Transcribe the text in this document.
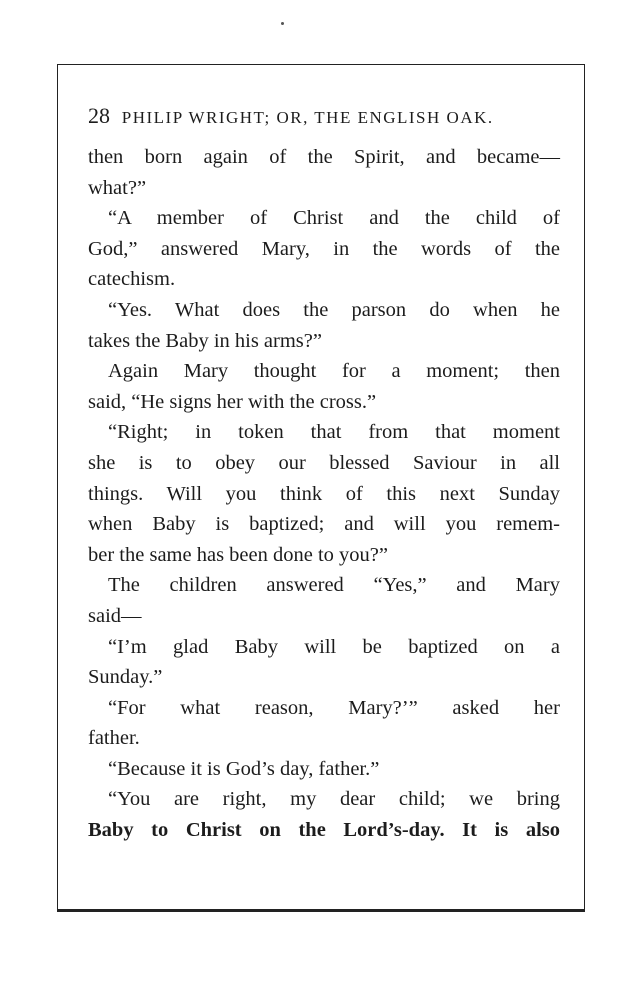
28 PHILIP WRIGHT; OR, THE ENGLISH OAK.
then born again of the Spirit, and became—
what?”
“A member of Christ and the child of
God,” answered Mary, in the words of the
catechism.
“Yes. What does the parson do when he
takes the Baby in his arms?”
Again Mary thought for a moment; then
said, “He signs her with the cross.”
“Right; in token that from that moment
she is to obey our blessed Saviour in all
things. Will you think of this next Sunday
when Baby is baptized; and will you remem-
ber the same has been done to you?”
The children answered “Yes,” and Mary
said—
“I’m glad Baby will be baptized on a
Sunday.”
“For what reason, Mary?’” asked her
father.
“Because it is God’s day, father.”
“You are right, my dear child; we bring
Baby to Christ on the Lord’s-day. It is also
